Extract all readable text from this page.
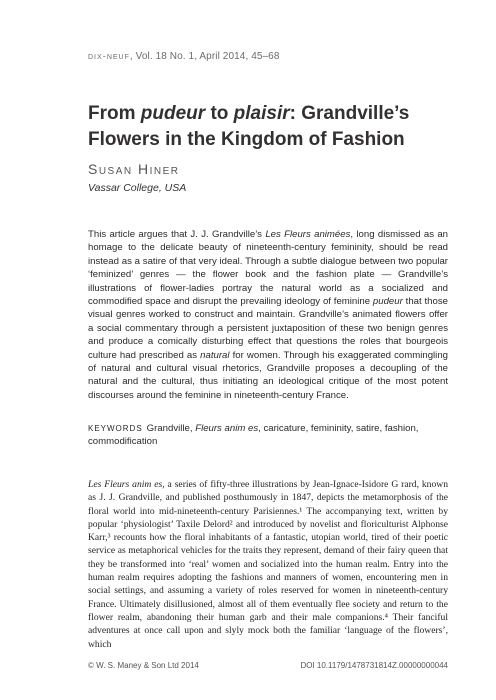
dix-neuf, Vol. 18 No. 1, April 2014, 45–68
From pudeur to plaisir: Grandville’s Flowers in the Kingdom of Fashion
Susan Hiner
Vassar College, USA
This article argues that J. J. Grandville’s Les Fleurs animées, long dismissed as an homage to the delicate beauty of nineteenth-century femininity, should be read instead as a satire of that very ideal. Through a subtle dialogue between two popular ‘feminized’ genres — the flower book and the fashion plate — Grandville’s illustrations of flower-ladies portray the natural world as a socialized and commodified space and disrupt the prevailing ideology of feminine pudeur that those visual genres worked to construct and maintain. Grandville’s animated flowers offer a social commentary through a persistent juxtaposition of these two benign genres and produce a comically disturbing effect that questions the roles that bourgeois culture had prescribed as natural for women. Through his exaggerated commingling of natural and cultural visual rhetorics, Grandville proposes a decoupling of the natural and the cultural, thus initiating an ideological critique of the most potent discourses around the feminine in nineteenth-century France.
KEYWORDS Grandville, Fleurs anim es, caricature, femininity, satire, fashion, commodification
Les Fleurs anim es, a series of fifty-three illustrations by Jean-Ignace-Isidore G rard, known as J. J. Grandville, and published posthumously in 1847, depicts the metamorphosis of the floral world into mid-nineteenth-century Parisiennes.¹ The accompanying text, written by popular ‘physiologist’ Taxile Delord² and introduced by novelist and floriculturist Alphonse Karr,³ recounts how the floral inhabitants of a fantastic, utopian world, tired of their poetic service as metaphorical vehicles for the traits they represent, demand of their fairy queen that they be transformed into ‘real’ women and socialized into the human realm. Entry into the human realm requires adopting the fashions and manners of women, encountering men in social settings, and assuming a variety of roles reserved for women in nineteenth-century France. Ultimately disillusioned, almost all of them eventually flee society and return to the flower realm, abandoning their human garb and their male companions.⁴ Their fanciful adventures at once call upon and slyly mock both the familiar ‘language of the flowers’, which
© W. S. Maney & Son Ltd 2014	DOI 10.1179/1478731814Z.00000000044
